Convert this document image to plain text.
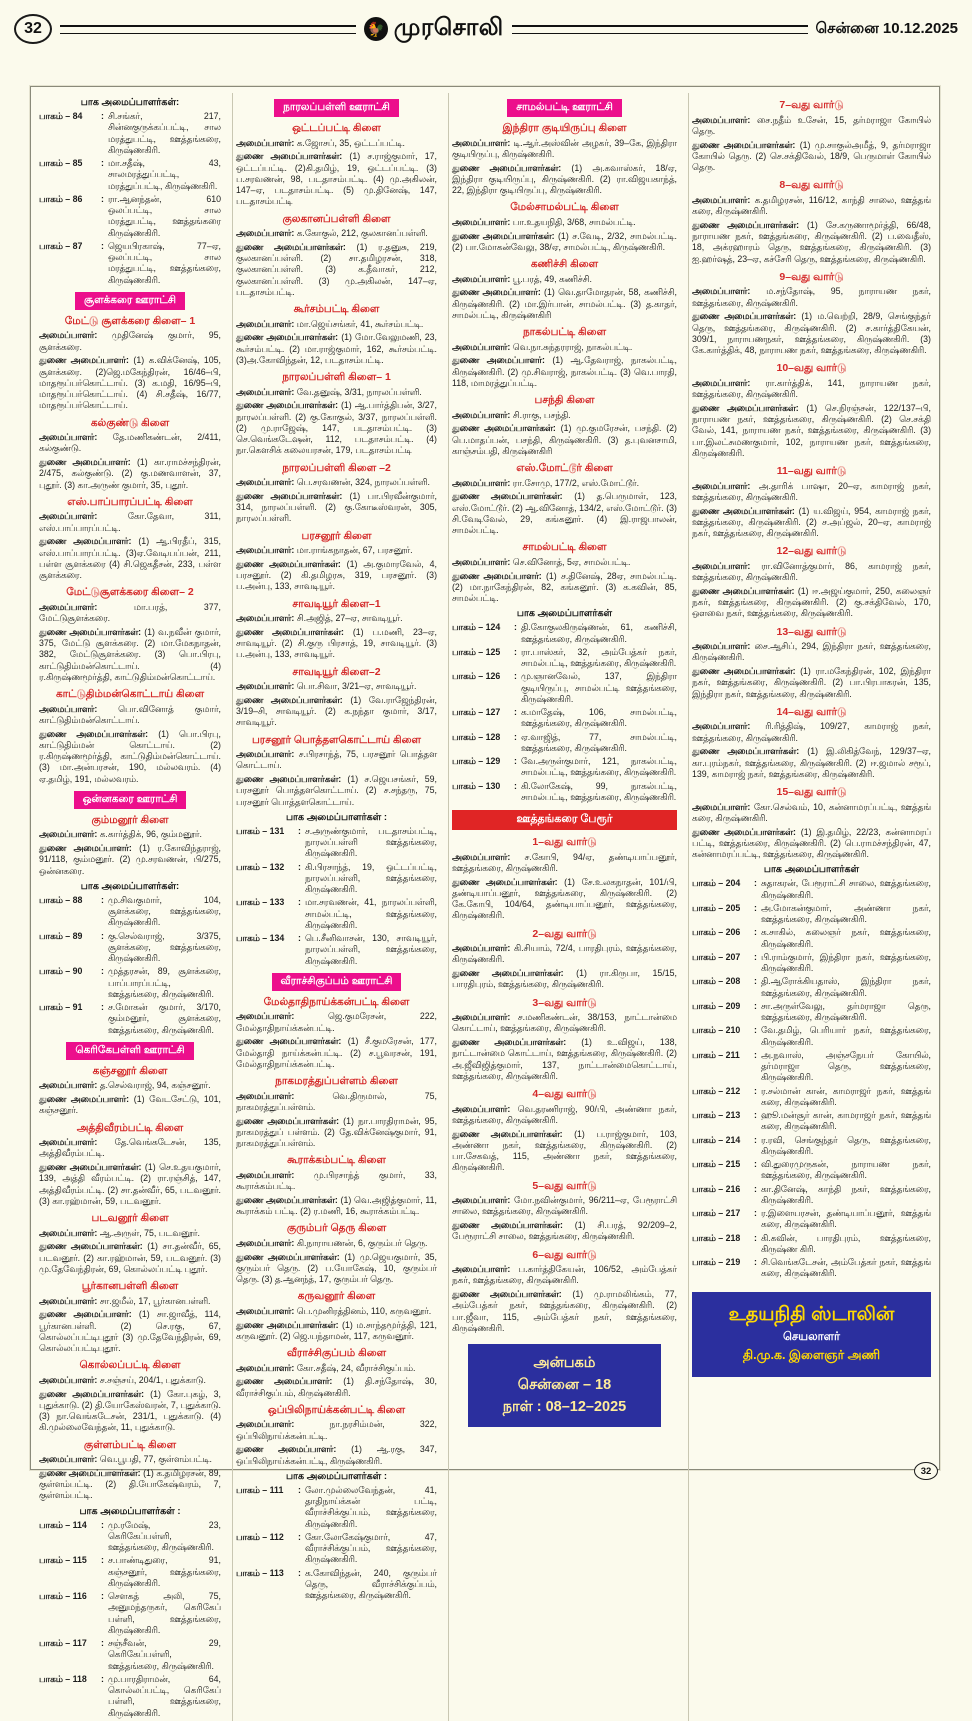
32	🐓 முரசொலி	சென்னை 10.12.2025
பாக அமைப்பாளர்கள்:
பாகம் – 84	: சி.சங்கர், 217, சின்னகுருக்கப்பட்டி, சால மரத்துபட்டி, ஊத்தங்கரை, கிருஷ்ணகிரி.
பாகம் – 85	: மா.சதீஷ், 43, சாலமரத்துப்பட்டி, மரத்துப்பட்டி, கிருஷ்ணகிரி.
பாகம் – 86	: ரா.ஆனந்தன், 610 ஒலப்பட்டி, சால மரத்துபட்டி, ஊத்தங்கரை கிருஷ்ணகிரி.
பாகம் – 87	: ஜெயபிரகாஷ், 77–ஏ, ஒலப்பட்டி, சால மரத்துபட்டி, ஊத்தங்கரை, கிருஷ்ணகிரி.
சூளக்கரை ஊராட்சி
மேட்டு சூளக்கரை கிளை– 1

அமைப்பாளர்: முதினேஷ் குமார், 95, சூளக்கரை.

துணை அமைப்பாளர்: (1) க.விக்னேஷ், 105, சூளக்கரை. (2)ஜெ.மகேந்திரன், 16/46–பி, மாதரூப்பர்கொட்டாய். (3) க.மதி, 16/95–பி, மாதரூப்பர்கொட்டாய். (4) சி.சதீஷ், 16/77, மாதரூப்பர்கொட்டாய்.

கல்குண்டு கிளை

அமைப்பாளர்: தே.மணிகண்டன், 2/411, கல்குண்டு.

துணை அமைப்பாளர்: (1) கா.ராமச்சந்திரன், 2/475, கல்குண்டு. (2) கு.மணவாளன், 37, புதூர். (3) கா.அருண் குமார், 35, புதூர்.

எஸ்.பாப்பாரப்பட்டி கிளை

அமைப்பாளர்: கோ.தேவா, 311, எஸ்.பாப்பாரப்பட்டி.

துணை அமைப்பாளர்: (1) ஆ.பிரதீப், 315, எஸ்.பாப்பாரப்பட்டி. (3)ஏ.வேடியப்பன், 211, பள்ள சூளக்கரை (4) சி.ஜெகதீசன், 233, பள்ள சூளக்கரை.

மேட்டுசூளக்கரை கிளை– 2

அமைப்பாளர்: மா.பரத், 377, மேட்டுசூளக்கரை.

துணை அமைப்பாளர்கள்: (1) வ.நவீன் குமார், 375, மேட்டு சூளக்கரை. (2) மா.மேகநாதன், 382, மேட்டுசூளக்கரை. (3) பொ.பிரபு, காட்டுதிம்மன்கொட்டாய். (4) ர.கிருஷ்ணமூர்த்தி, காட்டுதிம்மன்கொட்டாய்.

காட்டுதிம்மன்கொட்டாய் கிளை

அமைப்பாளர்: பொ.வினோத் குமார், காட்டுதிம்மன்கொட்டாய்.

துணை அமைப்பாளர்கள்: (1) பொ.பிரபு, காட்டுதிம்மன் கொட்டாய். (2) ர.கிருஷ்ணமூர்த்தி, காட்டுதிம்மன்கொட்டாய். (3) மா.அன்பரசன், 190, மல்லவரம். (4) ஏ.தமிழ், 191, மல்லவரம்.

ஒன்னகரை ஊராட்சி
கும்மனூர் கிளை

அமைப்பாளர்: க.கார்த்திக், 96, கும்மனூர்.

துணை அமைப்பாளர்: (1) ர.கோவிந்தராஜ், 91/118, கும்மனூர். (2) மு.சரவணன், பி/275, ஒன்னகரை.

பாக அமைப்பாளர்கள்:
பாகம் – 88	: மு.சிவகுமார், 104, சூளக்கரை, ஊத்தங்கரை, கிருஷ்ணகிரி.
பாகம் – 89	: கு.செல்வராஜ், 3/375, சூளக்கரை, ஊத்தங்கரை, கிருஷ்ணகிரி.
பாகம் – 90	: முத்தரசன், 89, சூளக்கரை, பாப்பாரப்பட்டி, ஊத்தங்கரை, கிருஷ்ணகிரி.
பாகம் – 91	: ச.மோகன் குமார், 3/170, கும்மனூர், சூளக்கரை, ஊத்தங்கரை, கிருஷ்ணகிரி.
கெரிகேபள்ளி ஊராட்சி
கஞ்சனூர் கிளை

அமைப்பாளர்: த.செல்வராஜ், 94, கஞ்சனூர்.

துணை அமைப்பாளர்: (1) வேடசேட்டு, 101, கஞ்சனூர்.

அத்திவீரம்பட்டி கிளை

அமைப்பாளர்: தே.வெங்கடேசன், 135, அத்திவீரம்பட்டி.

துணை அமைப்பாளர்கள்: (1) செ.உதயகுமார், 139, அத்தி வீரம்பட்டி. (2) ரா.ரஞ்சித், 147, அத்திவீரம்பட்டி. (2) சா.தன்வீர், 65, படவனூர். (3) கா.ரஹ்மான், 59, படவனூர்.

படவனூர் கிளை

அமைப்பாளர்: ஆ.அருள், 75, படவனூர்.

துணை அமைப்பாளர்கள்: (1) சா.தன்வீர், 65, படவனூர். (2) கா.ரஹ்மான், 59, படவனூர். (3) மு.தேவேந்திரன், 69, கொல்லப்பட்டி புதூர்.

பூர்கானபள்ளி கிளை

அமைப்பாளர்: சா.ஜமீல், 17, பூர்கானபள்ளி.

துணை அமைப்பாளர்: (1) சா.ஜாவீத், 114, பூர்கானபள்ளி. (2) செ.ரகு, 67, கொல்லப்பட்டிபுதூர் (3) மு.தேவேந்திரன், 69, கொல்லப்பட்டிபுதூர்.

கொல்லப்பட்டி கிளை

அமைப்பாளர்: ச.சஞ்சய், 204/1, புதுக்காடு.

துணை அமைப்பாளர்கள்: (1) கோ.புகழ், 3, புதுக்காடு. (2) தி.யோகேஸ்வரன், 7, புதுக்காடு. (3) நா.வெங்கடேசன், 231/1, புதுக்காடு. (4) கி.முல்லைவேந்தன், 11, புதுக்காடு.

குள்ளம்பட்டி கிளை

அமைப்பாளர்: வெ.பூபதி, 77, குள்ளம்பட்டி.

துணை அமைப்பாளர்கள்: (1) க.தமிழரசன், 89, குள்ளம்பட்டி. (2) தி.யோகேஷ்வரம், 7, குள்ளம்பட்டி.

பாக அமைப்பாளர்கள் :
பாகம் – 114	: மு.ரமேஷ், 23, கெரிகேப்பள்ளி, ஊத்தங்கரை, கிருஷ்ணகிரி.
பாகம் – 115	: ச.பாண்டிதுரை, 91, கஞ்சனூர், ஊத்தங்கரை, கிருஷ்ணகிரி.
பாகம் – 116	: செளகத் அலி, 75, அனுமந்தருகர், கெரிகேப் பள்ளி, ஊத்தங்கரை, கிருஷ்ணகிரி.
பாகம் – 117	: சஞ்சீவன், 29, கெரிகேப்பள்ளி, ஊத்தங்கரை, கிருஷ்ணகிரி.
பாகம் – 118	: மு.பாரதிராமன், 64, கொல்லப்பட்டி, கெரிகேப் பள்ளி, ஊத்தங்கரை, கிருஷ்ணகிரி.
நாரலப்பள்ளி ஊராட்சி
ஒட்டப்பட்டி கிளை

அமைப்பாளர்: க.ஜோசப், 35, ஒட்டப்பட்டி.

துணை அமைப்பாளர்கள்: (1) ச.ராஜ்குமார், 17, ஒட்டப்பட்டி. (2)கி.தமிழ், 19, ஒட்டப்பட்டி. (3) ப.சரவணன், 98, படதாசம்பட்டி. (4) மு.அகிலன், 147–ஏ, படதாசம்பட்டி. (5) மு.தினேஷ், 147, படதாசம்பட்டி

குலகானப்பள்ளி கிளை

அமைப்பாளர்: க.கோகுல், 212, குலகானப்பள்ளி.

துணை அமைப்பாளர்கள்: (1) ர.தனுசு, 219, குலகானப்பள்ளி. (2) சா.தமிழரசன், 318, குலகானப்பள்ளி. (3) க.தீவாகர், 212, குலகானப்பள்ளி. (3) மு.அகிலன், 147–ஏ, படதாசம்பட்டி.

கூர்சம்பட்டி கிளை

அமைப்பாளர்: மா.ஜெய்சங்கர், 41, கூர்சம்பட்டி.

துணை அமைப்பாளர்கள்: (1) மோ.வேலுமணி, 23, கூர்சம்பட்டி. (2) மா.ராஜ்குமார், 162, கூர்சம்பட்டி. (3)அ.கோவிந்தன், 12, படதாசம்பட்டி.

நாரலப்பள்ளி கிளை– 1

அமைப்பாளர்: வே.தனுஷ், 3/31, நாரலப்பள்ளி.

துணை அமைப்பாளர்கள்: (1) ஆ.பார்த்திபன், 3/27, நாரலப்பள்ளி. (2) கு.கோகுல், 3/37, நாரலப்பள்ளி. (2) மு.ராஜேஷ், 147, படதாசம்பட்டி. (3) செ.வெங்கடேஷன், 112, படதாசம்பட்டி. (4) நா.கௌசிக் கலையரசன், 179, படதாசம்பட்டி

நாரலப்பள்ளி கிளை –2

அமைப்பாளர்: பெ.சரவணன், 324, நாரலப்பள்ளி.

துணை அமைப்பாளர்கள்: (1) பா.பிரவீன்குமார், 314, நாரலப்பள்ளி. (2) கு.கோடீஸ்வரன், 305, நாரலப்பள்ளி.

பரசனூர் கிளை

அமைப்பாளர்: மா.ராங்கநாதன், 67, பரசனூர்.

துணை அமைப்பாளர்கள்: (1) அ.குமாரவேல், 4, பரசனூர். (2) கி.தமிழரசு, 319, பரசனூர். (3) ப.அன்பு, 133, சாவடியூர்.

சாவடியூர் கிளை–1

அமைப்பாளர்: சி.அஜித், 27–ஏ, சாவடியூர்.

துணை அமைப்பாளர்கள்: (1) ப.மணி, 23–ஏ, சாவடியூர். (2) சி.குரு பிரசாத், 19, சாவடியூர். (3) ப.அன்பு, 133, சாவடியூர்.

சாவடியூர் கிளை–2

அமைப்பாளர்: பொ.சிவா, 3/21–ஏ, சாவடியூர்.

துணை அமைப்பாளர்கள்: (1) வே.ராஜேந்திரன், 3/19–சி, சாவடியூர். (2) க.நந்தா குமார், 3/17, சாவடியூர்.

பரசனூர் பொத்தளகொட்டாய் கிளை

அமைப்பாளர்: ச.பிரசாந்த், 75, பரசனூர் பொத்தள கொட்டாய்.

துணை அமைப்பாளர்கள்: (1) ச.ஜெயசங்கர், 59, பரசனூர் பொத்தளகொட்டாய். (2) ச.சந்தரு, 75, பரசனூர் பொத்தளகொட்டாய்.

பாக அமைப்பாளர்கள் :
பாகம் – 131	: ச.அருண்குமார், படதாசம்பட்டி, நாரலப்பள்ளி ஊத்தங்கரை, கிருஷ்ணகிரி.
பாகம் – 132	: கி.பிரசாந்த், 19, ஒட்டப்பட்டி, நாரலப்பள்ளி, ஊத்தங்கரை, கிருஷ்ணகிரி.
பாகம் – 133	: மா.சரவணன், 41, நாரலப்பள்ளி, சாமல்பட்டி, ஊத்தங்கரை, கிருஷ்ணகிரி.
பாகம் – 134	: பெ.சீனிவாசன், 130, சாவடியூர், நாரலப்பள்ளி, ஊத்தங்கரை, கிருஷ்ணகிரி.
வீராச்சிகுப்பம் ஊராட்சி
மேல்தாதிநாய்க்கன்பட்டி கிளை

அமைப்பாளர்: ஜெ.குமரேசன், 222, மேல்தாதிநாய்க்கன்பட்டி.

துணை அமைப்பாளர்கள்: (1) சீ.குமரேசன், 177, மேல்தாதி நாய்க்கன்பட்டி. (2) ச.பூவரசன், 191, மேல்தாதிநாய்க்கன்பட்டி.

நாகமரத்துப்பள்ளம் கிளை

அமைப்பாளர்: வெ.திருமால், 75, நாகமரத்துப்பள்ளம்.

துணை அமைப்பாளர்கள்: (1) நா.பாரதிராமன், 95, நாகமரத்துப் பள்ளம். (2) தே.விக்னேஷ்குமார், 91, நாகமரத்துப்பள்ளம்.

கூராக்கம்பட்டி கிளை

அமைப்பாளர்: மு.பிரசாந்த் குமார், 33, கூராக்கம்பட்டி.

துணை அமைப்பாளர்கள்: (1) வெ.அஜித்குமார், 11, கூராக்கம் பட்டி. (2) ர.மணி, 16, கூராக்கம்பட்டி.

குரும்பர் தெரு கிளை

அமைப்பாளர்: கி.நாராயணன், 6, குரும்பர் தெரு.

துணை அமைப்பாளர்கள்: (1) மு.ஜெயகுமார், 35, குரும்பர் தெரு. (2) ப.யோகேஷ், 10, குரும்பர் தெரு. (3) த.ஆனந்த், 17, குரும்பர் தெரு.

கருவனூர் கிளை

அமைப்பாளர்: பெ.முனிரத்தினம், 110, கருவனூர்.

துணை அமைப்பாளர்கள்: (1) ம.சாந்தமூர்த்தி, 121, கருவனூர். (2) ஜெ.யந்தாமன், 117, கருவனூர்.

வீராச்சிகுப்பம் கிளை

அமைப்பாளர்: கோ.சதீஷ், 24, வீராச்சிகுப்பம்.

துணை அமைப்பாளர்: (1) தி.சந்தோஷ், 30, வீராச்சிகுப்பம், கிருஷ்ணகிரி.

ஒப்பிலிநாய்க்கன்பட்டி கிளை

அமைப்பாளர்: நா.நரசிம்மன், 322, ஒப்பிலிநாய்க்கன்பட்டி.

துணை அமைப்பாளர்: (1) ஆ.ரகு, 347, ஒப்பிலிநாய்க்கன்பட்டி, கிருஷ்ணகிரி.

பாக அமைப்பாளர்கள் :
பாகம் – 111	: லோ.முல்லைவேந்தன், 41, தாதிநாய்க்கன் பட்டி, வீராச்சிக்குப்பம், ஊத்தங்கரை, கிருஷ்ணகிரி.
பாகம் – 112	: கோ.லோகேஷ்குமார், 47, வீராச்சிக்குப்பம், ஊத்தங்கரை, கிருஷ்ணகிரி.
பாகம் – 113	: க.கோவிந்தன், 240, குரும்பர் தெரு, வீராச்சிக்குப்பம், ஊத்தங்கரை, கிருஷ்ணகிரி.
சாமல்பட்டி ஊராட்சி
இந்திரா குடியிருப்பு கிளை

அமைப்பாளர்: டி.ஆர்.அஸ்வின் அழகர், 39–கே, இந்திரா குடியிருப்பு, கிருஷ்ணகிரி.

துணை அமைப்பாளர்கள்: (1) அ.கவாஸ்கர், 18/ஏ, இந்திரா குடியிருப்பு, கிருஷ்ணகிரி. (2) ரா.விஜயகாந்த், 22, இந்திரா குடியிருப்பு, கிருஷ்ணகிரி.

மேல்சாமல்பட்டி கிளை

அமைப்பாளர்: பா.உதயநிதி, 3/68, சாமல்பட்டி.

துணை அமைப்பாளர்கள்: (1) ச.வேடி, 2/32, சாமல்பட்டி. (2) பா.மோகன்வேலு, 38/ஏ, சாமல்பட்டி, கிருஷ்ணகிரி.

கணிச்சி கிளை

அமைப்பாளர்: பூ.பரத், 49, கணிச்சி.

துணை அமைப்பாளர்: (1) வெ.தாமோதரன், 58, கணிச்சி, கிருஷ்ணகிரி. (2) மா.இர்பான், சாமல்பட்டி. (3) த.காதர், சாமல்பட்டி, கிருஷ்ணகிரி

நாகல்பட்டி கிளை

அமைப்பாளர்: வெ.நா.சுந்தரராஜ், நாகல்பட்டி.

துணை அமைப்பாளர்: (1) ஆ.தேவராஜ், நாகல்பட்டி, கிருஷ்ணகிரி. (2) மு.சிவராஜ், நாகல்பட்டி. (3) வெ.பாரதி, 118, மாமரத்துப்பட்டி.

பசந்தி கிளை

அமைப்பாளர்: சி.ராகு, பசந்தி.

துணை அமைப்பாளர்கள்: (1) மு.குமரேசன், பசந்தி. (2) பெ.மாதப்பன், பசந்தி, கிருஷ்ணகிரி. (3) த.புவனசாமி, காஞ்சம்பதி, கிருஷ்ணகிரி

எஸ்.மோட்டூர் கிளை

அமைப்பாளர்: ரா.சோமு, 177/2, எஸ்.மோட்டூர்.

துணை அமைப்பாளர்கள்: (1) த.பெருமாள், 123, எஸ்.மோட்டூர். (2) ஆ.வினோத், 134/2, எஸ்.மோட்டூர். (3) சி.வேடிவேல், 29, கங்கனூர். (4) இ.ராஜபாலன், சாமல்பட்டி.

சாமல்பட்டி கிளை

அமைப்பாளர்: செ.வினோத், 5ஏ, சாமல்பட்டி.

துணை அமைப்பாளர்: (1) ச.தினேஷ், 28ஏ, சாமல்பட்டி. (2) மா.நாகேந்திரன், 82, கங்கனூர். (3) க.கவின், 85, சாமல்பட்டி.

பாக அமைப்பாளர்கள்
பாகம் – 124	: தி.கோகுலகிருஷ்ணன், 61, கணிச்சி, ஊத்தங்கரை, கிருஷ்ணகிரி.
பாகம் – 125	: ரா.பாஸ்கர், 32, அம்பேத்கர் நகர், சாமல்பட்டி, ஊத்தங்கரை, கிருஷ்ணகிரி.
பாகம் – 126	: மு.ஞானவேல், 137, இந்திரா குடியிருப்பு, சாமல்பட்டி ஊத்தங்கரை, கிருஷ்ணகிரி.
பாகம் – 127	: க.மாதேஷ், 106, சாமல்பட்டி, ஊத்தங்கரை, கிருஷ்ணகிரி.
பாகம் – 128	: ஏ.வாஜித், 77, சாமல்பட்டி, ஊத்தங்கரை, கிருஷ்ணகிரி.
பாகம் – 129	: வே.அருள்குமார், 121, நாகல்பட்டி, சாமல்பட்டி, ஊத்தங்கரை, கிருஷ்ணகிரி.
பாகம் – 130	: கி.லோகேஷ், 99, நாகல்பட்டி, சாமல்பட்டி, ஊத்தங்கரை, கிருஷ்ணகிரி.
ஊத்தங்கரை பேரூர்
1–வது வார்டு

அமைப்பாளர்: ச.கோபி, 94/ஏ, தண்டியாப்பனூர், ஊத்தங்கரை, கிருஷ்ணகிரி.

துணை அமைப்பாளர்கள்: (1) சே.உலகநாதன், 101/பி, தண்டியாப்பனூர், ஊத்தங்கரை, கிருஷ்ணகிரி. (2) கே.கோபி, 104/64, தண்டியாப்பனூர், ஊத்தங்கரை, கிருஷ்ணகிரி.

2–வது வார்டு

அமைப்பாளர்: கி.சியாம், 72/4, பாரதிபுரம், ஊத்தங்கரை, கிருஷ்ணகிரி.

துணை அமைப்பாளர்கள்: (1) ரா.கிருபா, 15/15, பாரதிபுரம், ஊத்தங்கரை, கிருஷ்ணகிரி.

3–வது வார்டு

அமைப்பாளர்: ச.மணிகண்டன், 38/153, நாட்டான்மை கொட்டாய், ஊத்தங்கரை, கிருஷ்ணகிரி.

துணை அமைப்பாளர்கள்: (1) உ.விஜய், 138, நாட்டான்மை கொட்டாய், ஊத்தங்கரை, கிருஷ்ணகிரி. (2) அ.ஜீவிஜித்குமார், 137, நாட்டான்மைகொட்டாய், ஊத்தங்கரை, கிருஷ்ணகிரி.

4–வது வார்டு

அமைப்பாளர்: வெ.தரணிராஜ், 90/பி, அண்ணா நகர், ஊத்தங்கரை, கிருஷ்ணகிரி.

துணை அமைப்பாளர்கள்: (1) ப.ராஜ்குமார், 103, அண்ணா நகர், ஊத்தங்கரை, கிருஷ்ணகிரி. (2) பா.சேகவத், 115, அண்ணா நகர், ஊத்தங்கரை, கிருஷ்ணகிரி.

5–வது வார்டு

அமைப்பாளர்: மோ.நவின்குமார், 96/211–ஏ, பேரூராட்சி சாலை, ஊத்தங்கரை, கிருஷ்ணகிரி.

துணை அமைப்பாளர்கள்: (1) சி.பரத், 92/209–2, பேரூராட்சி சாலை, ஊத்தங்கரை, கிருஷ்ணகிரி.

6–வது வார்டு

அமைப்பாளர்: ப.கார்த்திகேயன், 106/52, அம்பேத்கர் நகர், ஊத்தங்கரை, கிருஷ்ணகிரி.

துணை அமைப்பாளர்கள்: (1) மு.ராமலிங்கம், 77, அம்பேத்கர் நகர், ஊத்தங்கரை, கிருஷ்ணகிரி. (2) பா.ஜீவா, 115, அம்பேத்கர் நகர், ஊத்தங்கரை, கிருஷ்ணகிரி.

அன்பகம்
சென்னை – 18
நாள் : 08–12–2025
7–வது வார்டு

அமைப்பாளர்: சை.நதீம் உசேன், 15, தர்மராஜா கோயில் தெரு.

துணை அமைப்பாளர்கள்: (1) மு.சாகுல்அமீத், 9, தர்மராஜா கோயில் தெரு. (2) செ.சக்திவேல், 18/9, பெருமாள் கோயில் தெரு.

8–வது வார்டு

அமைப்பாளர்: க.தமிழரசன், 116/12, காந்தி சாலை, ஊத்தங் கரை, கிருஷ்ணகிரி.

துணை அமைப்பாளர்கள்: (1) சே.கருணாமூர்த்தி, 66/48, நாராயண நகர், ஊத்தங்கரை, கிருஷ்ணகிரி. (2) ப.வைதீஸ், 18, அக்ரஹாரம் தெரு, ஊத்தங்கரை, கிருஷ்ணகிரி. (3) ஐ.ஹர்ஷத், 23–ஏ, கச்சேரி தெரு, ஊத்தங்கரை, கிருஷ்ணகிரி.

9–வது வார்டு

அமைப்பாளர்: ம.சந்தோஷ், 95, நாராயண நகர், ஊத்தங்கரை, கிருஷ்ணகிரி.

துணை அமைப்பாளர்கள்: (1) ம.வெற்றி, 28/9, செங்குந்தர் தெரு, ஊத்தங்கரை, கிருஷ்ணகிரி. (2) ச.கார்த்திகேயன், 309/1, நாராயணநகர், ஊத்தங்கரை, கிருஷ்ணகிரி. (3) கே.கார்த்திக், 48, நாராயண நகர், ஊத்தங்கரை, கிருஷ்ணகிரி.

10–வது வார்டு

அமைப்பாளர்: ரா.கார்த்திக், 141, நாராயண நகர், ஊத்தங்கரை, கிருஷ்ணகிரி.

துணை அமைப்பாளர்கள்: (1) செ.நிரஞ்சன், 122/137–பி, நாராயண நகர், ஊத்தங்கரை, கிருஷ்ணகிரி. (2) செ.சக்தி வேல், 141, நாராயண நகர், ஊத்தங்கரை, கிருஷ்ணகிரி. (3) பா.இலட்சுமணகுமார், 102, நாராயண நகர், ஊத்தங்கரை, கிருஷ்ணகிரி.

11–வது வார்டு

அமைப்பாளர்: அ.தாரிக் பாஷா, 20–ஏ, காமராஜ் நகர், ஊத்தங்கரை, கிருஷ்ணகிரி.

துணை அமைப்பாளர்கள்: (1) ய.விஜய், 954, காமராஜ் நகர், ஊத்தங்கரை, கிருஷ்ணகிரி. (2) ச.அப்ஜல், 20–ஏ, காமராஜ் நகர், ஊத்தங்கரை, கிருஷ்ணகிரி.

12–வது வார்டு

அமைப்பாளர்: ரா.வினோத்குமார், 86, காமராஜ் நகர், ஊத்தங்கரை, கிருஷ்ணகிரி.

துணை அமைப்பாளர்கள்: (1) ஈ.அஜய்குமார், 250, கலைஞர் நகர், ஊத்தங்கரை, கிருஷ்ணகிரி. (2) கு.சக்திவேல், 170, ஔவை நகர், ஊத்தங்கரை, கிருஷ்ணகிரி.

13–வது வார்டு

அமைப்பாளர்: சை.ஆசிப், 294, இந்திரா நகர், ஊத்தங்கரை, கிருஷ்ணகிரி.

துணை அமைப்பாளர்கள்: (1) ரா.மகேந்திரன், 102, இந்திரா நகர், ஊத்தங்கரை, கிருஷ்ணகிரி. (2) பா.பிரபாகரன், 135, இந்திரா நகர், ஊத்தங்கரை, கிருஷ்ணகிரி.

14–வது வார்டு

அமைப்பாளர்: ரி.ரித்திஷ், 109/27, காமராஜ் நகர், ஊத்தங்கரை, கிருஷ்ணகிரி.

துணை அமைப்பாளர்கள்: (1) இ.லிகித்வேந், 129/37–ஏ, கா.புரம்நகர், ஊத்தங்கரை, கிருஷ்ணகிரி. (2) ஈ.ஜமால் சரூப், 139, காமராஜ் நகர், ஊத்தங்கரை, கிருஷ்ணகிரி.

15–வது வார்டு

அமைப்பாளர்: கோ.செல்வம், 10, கன்னாமரப்பட்டி, ஊத்தங் கரை, கிருஷ்ணகிரி.

துணை அமைப்பாளர்கள்: (1) இ.தமிழ், 22/23, கன்னாமரப் பட்டி, ஊத்தங்கரை, கிருஷ்ணகிரி. (2) பெ.ராமச்சந்திரன், 47, கன்னாமரப்பட்டி, ஊத்தங்கரை, கிருஷ்ணகிரி.

பாக அமைப்பாளர்கள்
பாகம் – 204	: சுதாகரன், பேரூராட்சி சாலை, ஊத்தங்கரை, கிருஷ்ணகிரி.
பாகம் – 205	: அ.மோகன்குமார், அண்ணா நகர், ஊத்தங்கரை, கிருஷ்ணகிரி.
பாகம் – 206	: க.சாகில், கலைஞர் நகர், ஊத்தங்கரை, கிருஷ்ணகிரி.
பாகம் – 207	: பி.ராம்குமார், இந்திரா நகர், ஊத்தங்கரை, கிருஷ்ணகிரி.
பாகம் – 208	: தி.ஆரோக்கியதாஸ், இந்திரா நகர், ஊத்தங்கரை, கிருஷ்ணகிரி.
பாகம் – 209	: சா.அருள்வேலு, தர்மராஜா தெரு, ஊத்தங்கரை, கிருஷ்ணகிரி.
பாகம் – 210	: வே.தமிழ், பெரியார் நகர், ஊத்தங்கரை, கிருஷ்ணகிரி.
பாகம் – 211	: அ.நவாஸ், அஞ்சநேயர் கோயில், தர்மராஜா தெரு, ஊத்தங்கரை, கிருஷ்ணகிரி.
பாகம் – 212	: ர.சல்மான் கான், காமராஜர் நகர், ஊத்தங் கரை, கிருஷ்ணகிரி.
பாகம் – 213	: ஹூ.மன்சூர் கான், காமராஜர் நகர், ஊத்தங் கரை, கிருஷ்ணகிரி.
பாகம் – 214	: ர.ரவி, செங்குந்தர் தெரு, ஊத்தங்கரை, கிருஷ்ணகிரி.
பாகம் – 215	: வி.துரைமுருகன், நாராயண நகர், ஊத்தங்கரை, கிருஷ்ணகிரி.
பாகம் – 216	: கா.தினேஷ், காந்தி நகர், ஊத்தங்கரை, கிருஷ்ணகிரி.
பாகம் – 217	: ர.இளையரசன், தண்டியாப்பனூர், ஊத்தங் கரை, கிருஷ்ணகிரி.
பாகம் – 218	: கி.கவின், பாரதிபுரம், ஊத்தங்கரை, கிருஷ்ண கிரி.
பாகம் – 219	: சி.வெங்கடேசன், அம்பேத்கர் நகர், ஊத்தங் கரை, கிருஷ்ணகிரி.
உதயநிதி ஸ்டாலின்
செயலாளர்
தி.மு.க. இளைஞர் அணி
32
